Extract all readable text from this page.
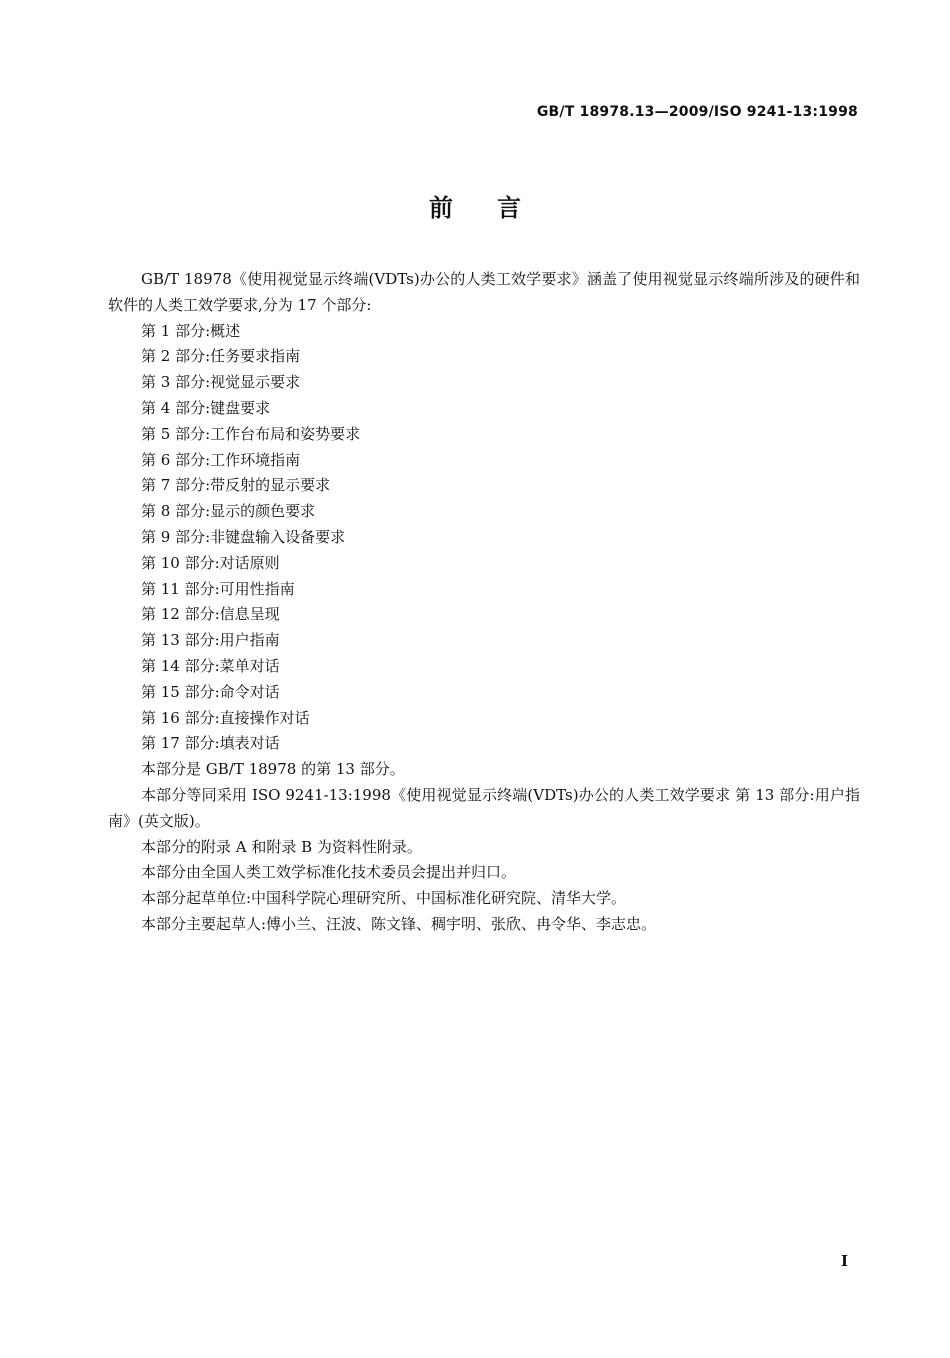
GB/T 18978.13—2009/ISO 9241-13:1998
前 言

GB/T 18978《使用视觉显示终端(VDTs)办公的人类工效学要求》涵盖了使用视觉显示终端所涉及的硬件和软件的人类工效学要求,分为 17 个部分:

第 1 部分:概述
第 2 部分:任务要求指南
第 3 部分:视觉显示要求
第 4 部分:键盘要求
第 5 部分:工作台布局和姿势要求
第 6 部分:工作环境指南
第 7 部分:带反射的显示要求
第 8 部分:显示的颜色要求
第 9 部分:非键盘输入设备要求
第 10 部分:对话原则
第 11 部分:可用性指南
第 12 部分:信息呈现
第 13 部分:用户指南
第 14 部分:菜单对话
第 15 部分:命令对话
第 16 部分:直接操作对话
第 17 部分:填表对话

本部分是 GB/T 18978 的第 13 部分。

本部分等同采用 ISO 9241-13:1998《使用视觉显示终端(VDTs)办公的人类工效学要求 第 13 部分:用户指南》(英文版)。

本部分的附录 A 和附录 B 为资料性附录。

本部分由全国人类工效学标准化技术委员会提出并归口。

本部分起草单位:中国科学院心理研究所、中国标准化研究院、清华大学。

本部分主要起草人:傅小兰、汪波、陈文锋、稠宇明、张欣、冉令华、李志忠。

I
